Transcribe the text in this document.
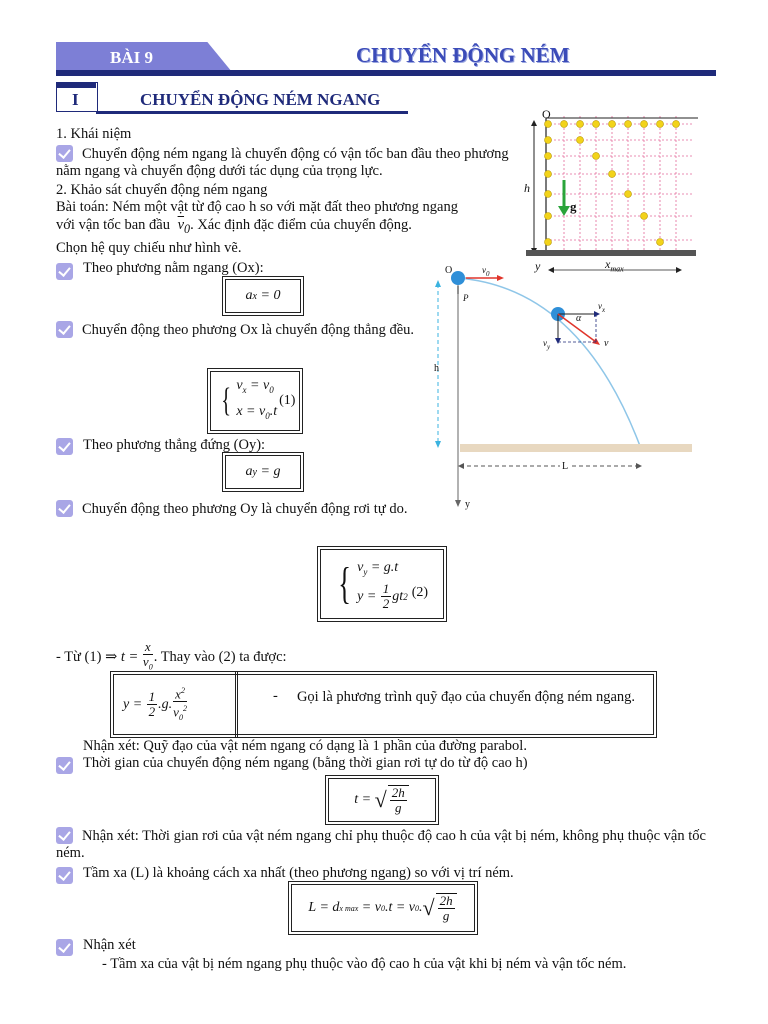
BÀI 9	CHUYỂN ĐỘNG NÉM
I	CHUYỂN ĐỘNG NÉM NGANG
1. Khái niệm
Chuyển động ném ngang là chuyển động có vận tốc ban đầu theo phương nằm ngang và chuyển động dưới tác dụng của trọng lực.
2. Khảo sát chuyển động ném ngang
Bài toán: Ném một vật từ độ cao h so với mặt đất theo phương ngang
với vận tốc ban đầu $\overline{v}_0$. Xác định đặc điểm của chuyển động.
Chọn hệ quy chiếu như hình vẽ.
Theo phương nằm ngang (Ox):
a x
= 0
Chuyển động theo phương Ox là chuyển động thẳng đều.
{ $v_x = v_0$
$x = v_0.t$
(1)
Theo phương thẳng đứng (Oy):
a y
= g
Chuyển động theo phương Oy là chuyển động rơi tự do.
{ $v_y = g.t$
y =
$\frac{1}{2}$ gt 2 (2)
- Từ (1) ⇒
t =
$\frac{x}{v_0}$ . Thay vào (2) ta được:
y =
$\frac{1}{2} .g$. $\frac{x^2}{v_0^2}$	-	Gọi là phương trình quỹ đạo của chuyển động ném ngang.
Nhận xét: Quỹ đạo của vật ném ngang có dạng là 1 phần của đường parabol.
Thời gian của chuyển động ném ngang (bằng thời gian rơi tự do từ độ cao h)
t =
√ $\frac{2h}{g}$
Nhận xét: Thời gian rơi của vật ném ngang chỉ phụ thuộc độ cao h của vật bị ném, không phụ thuộc vận tốc ném.
Tầm xa (L) là khoảng cách xa nhất (theo phương ngang) so với vị trí ném.
L = d x max
= v 0 .t = v 0 . √ $\frac{2h}{g}$
Nhận xét
- Tầm xa của vật bị ném ngang phụ thuộc vào độ cao h của vật khi bị ném và vận tốc ném.
O
h
g
y	$x_{max}$
O	$v_0$
P
h
$v_x$
α
$v_y$	v
L
y
